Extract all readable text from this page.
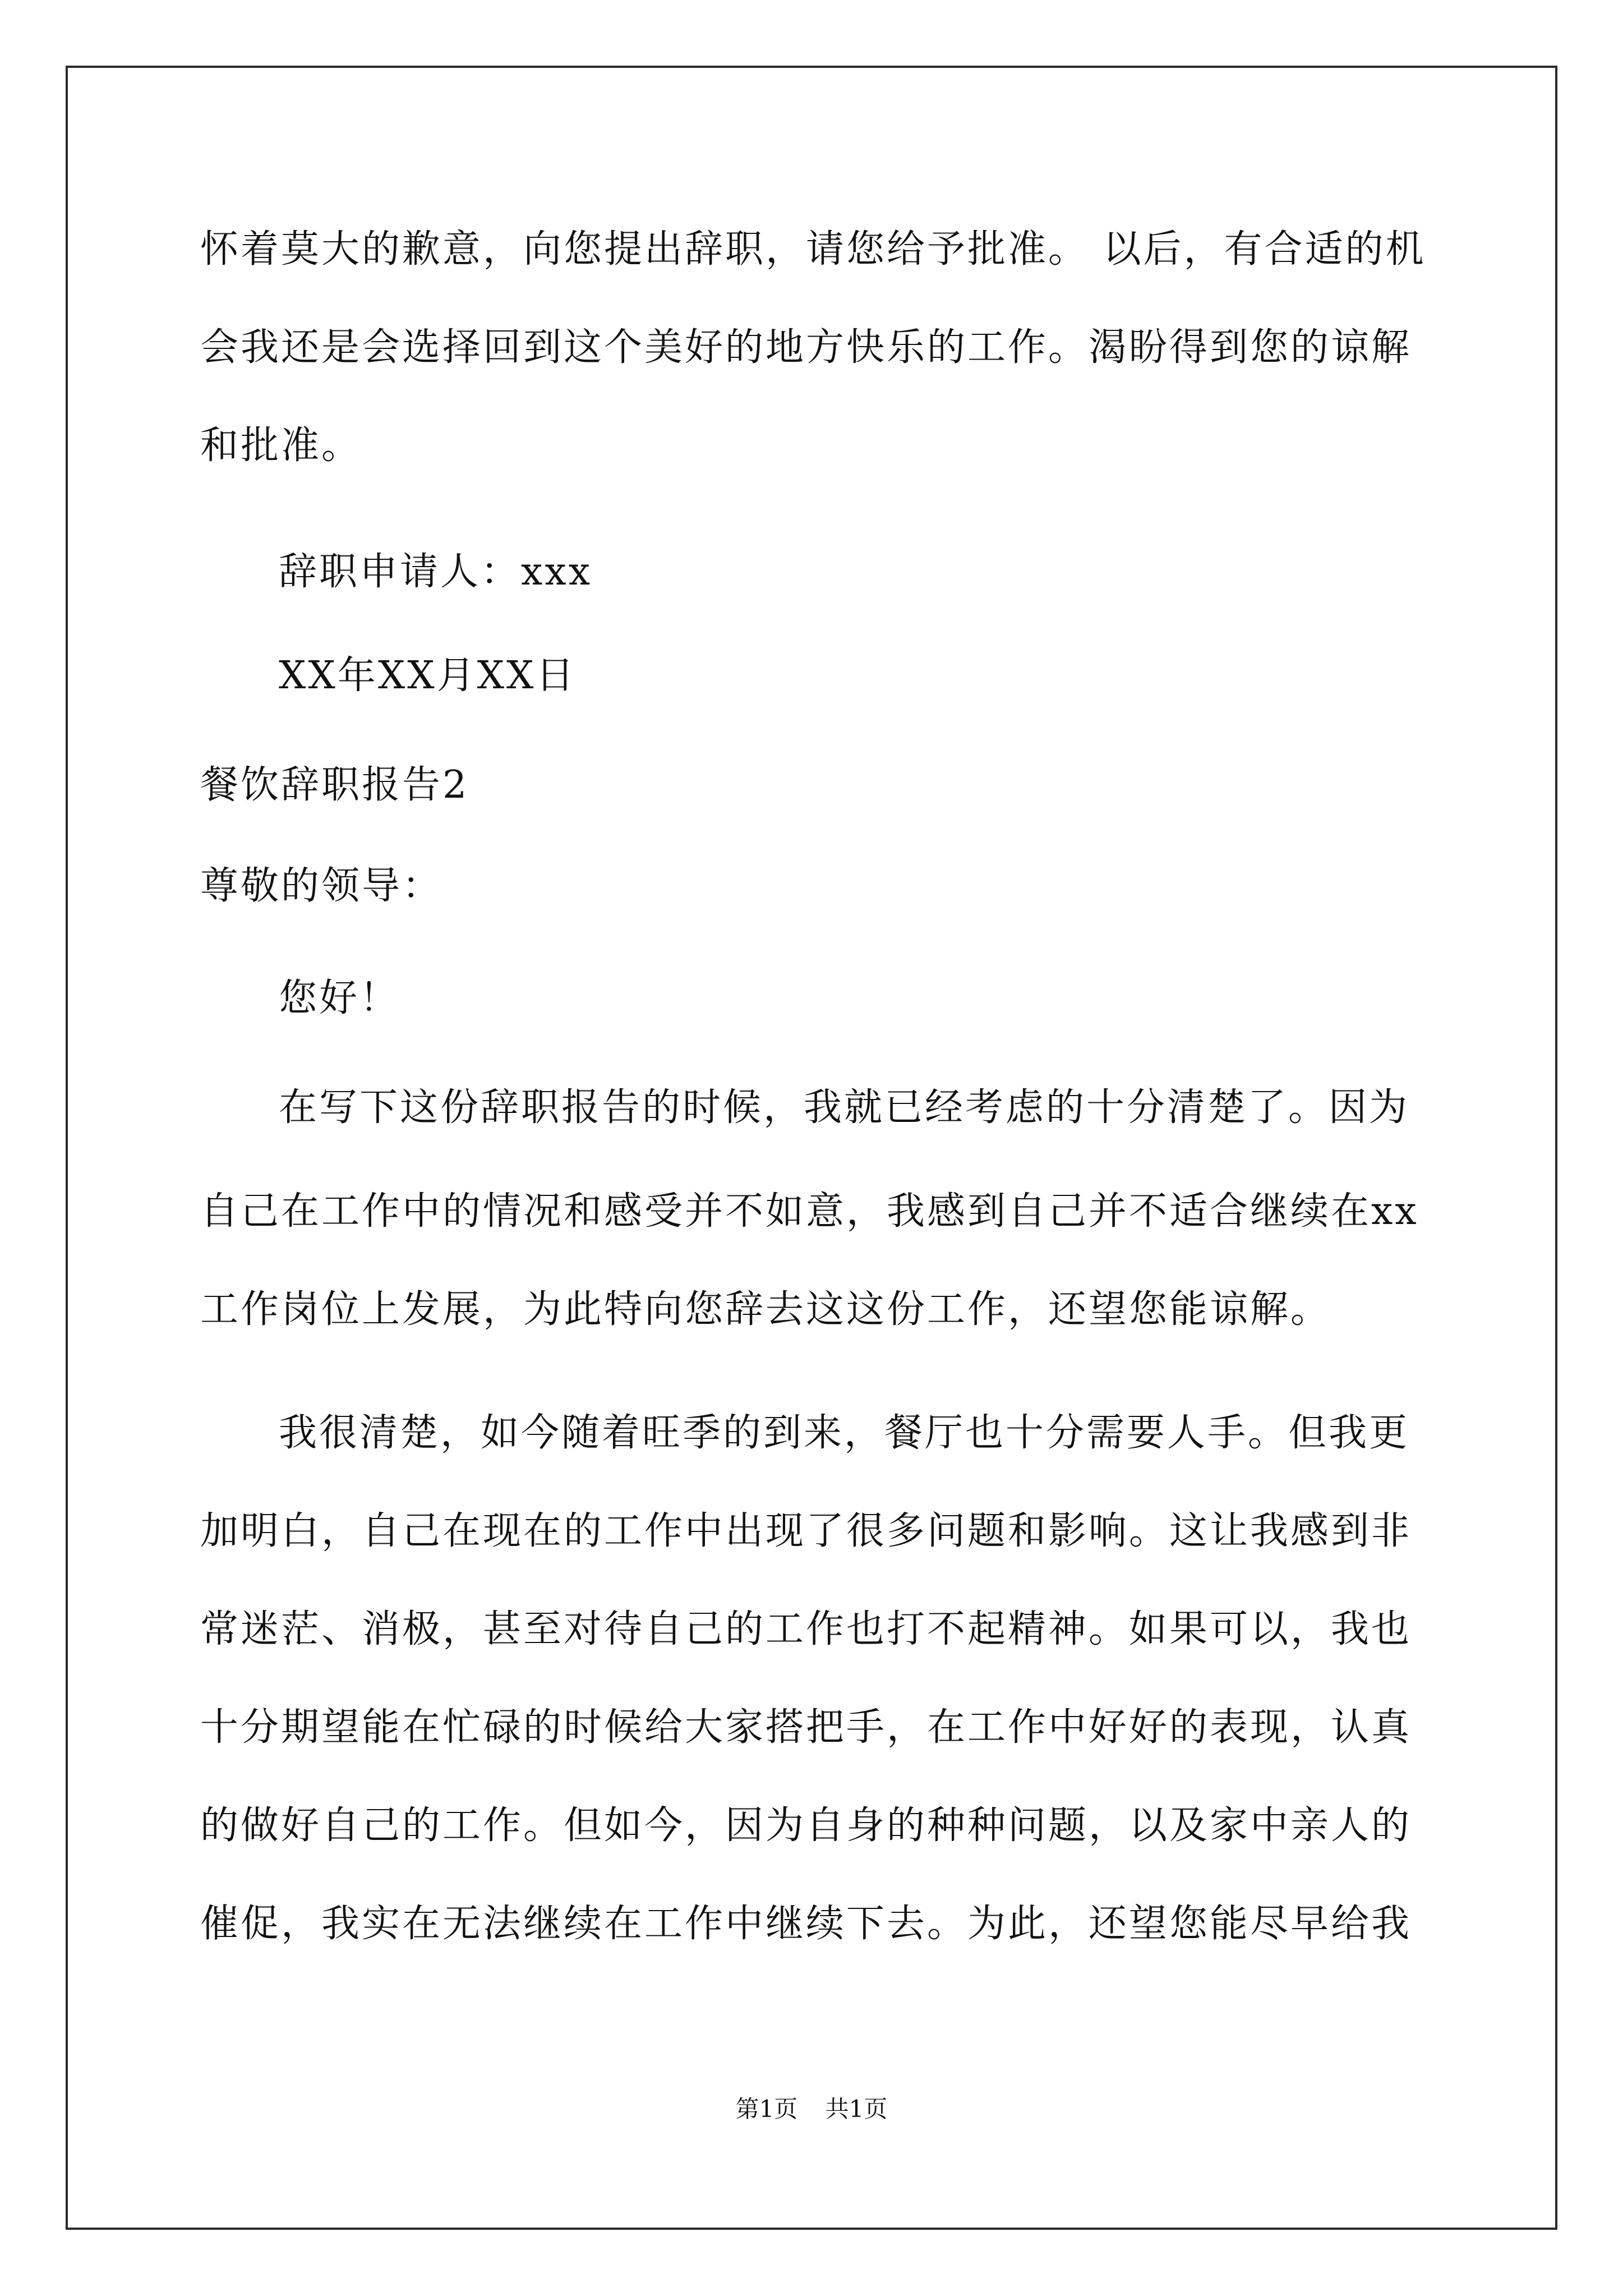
怀着莫大的歉意，向您提出辞职，请您给予批准。 以后，有合适的机
会我还是会选择回到这个美好的地方快乐的工作。渴盼得到您的谅解
和批准。
辞职申请人：xxx
XX年XX月XX日
餐饮辞职报告2
尊敬的领导：
您好！
在写下这份辞职报告的时候，我就已经考虑的十分清楚了。因为
自己在工作中的情况和感受并不如意，我感到自己并不适合继续在xx
工作岗位上发展，为此特向您辞去这这份工作，还望您能谅解。
我很清楚，如今随着旺季的到来，餐厅也十分需要人手。但我更
加明白，自己在现在的工作中出现了很多问题和影响。这让我感到非
常迷茫、消极，甚至对待自己的工作也打不起精神。如果可以，我也
十分期望能在忙碌的时候给大家搭把手，在工作中好好的表现，认真
的做好自己的工作。但如今，因为自身的种种问题，以及家中亲人的
催促，我实在无法继续在工作中继续下去。为此，还望您能尽早给我
第1页 共1页
